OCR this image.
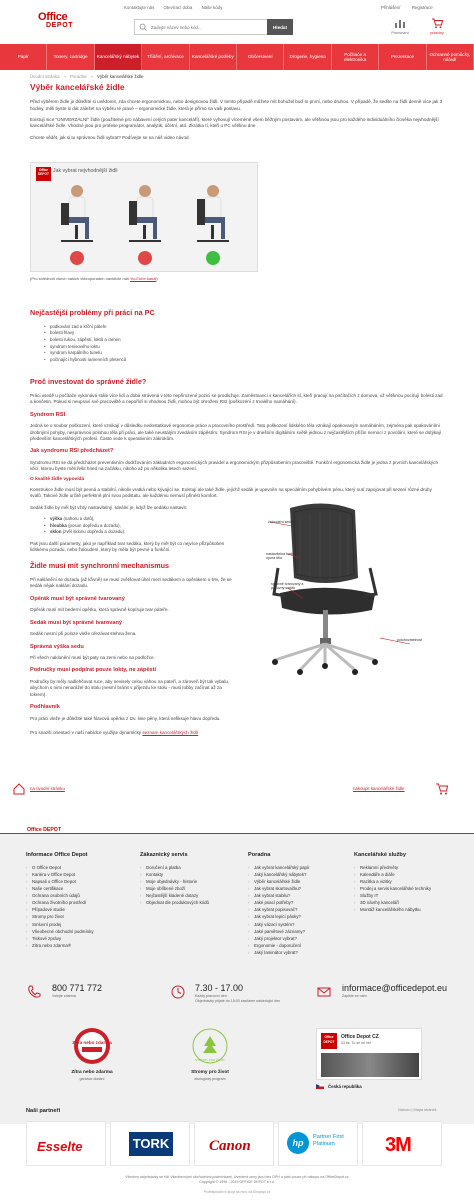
Office
DEPOT
Kontaktujte nás Otevírací doba Naše kódy
Zadejte název nebo kód...
Hledat
Přihlášení	Registrace
Porovnání	prázdný
Papír	Tonery, cartridge	Kancelářský nábytek	Třídění, archivace	Kancelářské potřeby	Občerstvení	Drogerie, hygiena
Počítače a elektronika
Prezentace
Ochranné pomůcky, nářadí
Úvodní stránka » Poradna » Výběr kancelářské židle
Výběr kancelářské židle

Před výběrem židle je důležité si uvědomit, zda chcete ergonomickou, nebo designovou židli. V tomto případě můžete mít bohužel buď to první, nebo druhou. V případě, že sedíte na židli denně více jak 3 hodiny, měli byste si dát záležet na výběru té pravé – ergonomické židle, která je přímo na vaši postavu.

Existují sice "UNIVERZÁLNÍ" židle (použitelné pro nábavení celých pater kanceláří), které vyhovují víceméně všem běžným postavám, ale většinou jsou pro každého individuálního člověka nejvhodnější kancelářské židle. Vhodné jsou pro profese programátor, analytik, účetní, atd. Zkrátka tí, kteří u PC většinu dne

Chcete vědět, jak si tu správnou židli vybrat? Podívejte se na náš video návod.

Office
DEPOT
Jak vybrat nejvhodnější židli
(Pro shlédnutí všech našich videoporaden navštivte náš YouTube kanál)
Nejčastější problémy při práci na PC
• podkování zad a krční páteře
• bolesti hlavy
• bolesti rukou, zápěstí, loktů a ramen
• syndrom tenisového loktu
• syndrom karpálního tunelu
• počínající hybnosti ramenních pletenců
Proč investovat do správné židle?

Práci vsedě u počítače vykonává stále více lidí a doba strávená v této nepřirozené pozici se prodlužuje. Zaměstnanci v kancelářích ití, kteří pracují na počítačích z domova, už většinou pociťují bolesti zad a končetin. Pokud si neupraví své pracoviště a nepořídí si vhodnou židli, mohou být ohroženi RSI (poškození z trvalého namáhání).

Syndrom RSI

Jedná se o soubor poškození, které vznikají v důsledku nedostatkové ergonomie práce a pracovního prostředí. Tato poškození lidského těla vznikají opakovaným namáháním, zejména pak opakováními drobnými pohyby, nesprávnou polohou těla při práci, ale také neustálým zvedáním zápěstím. Syndrom RSI je v dnešním digitálním světě jednou z nejčastějších příčin nemocí z povolání, které se dotýkají především kancelářských profesí. Často vede k operativním zákrokům.

Jak syndromu RSI předcházet?

Syndromu RSI se dá předcházet preventivním dodržováním základních ergonomických pravidel a ergonomickým přizpůsobením pracoviště. Funkční ergonomická židle je jedna z prvních kancelářských věcí, kterou byste měli řešit hned na začátku, nikoho až po několika letech sezení.

O kvalitě židle vypovídá

Konstrukce židle musí být pevná a stabilní, nikoliv vratká nebo kývající se. Existují ale také židle, jejichž sedák je upevněn na speciálním pohyblivém pénu, který nutí zapojovat při sezení různé druhy svalů. Takové židle určitě perfektně plní svou podstatu, ale každému nemusí přinést komfort.

Sedák židle by měl být vždy nastavitelný. Ideální je, když lze sedáku nastavit:

• výška (nahoru a dolů),
• hloubka (posun dopředu a dozadu),
• sklon (zvěl sklonu dopředu a dozadu).

Pak jsou další parametry, jako je například tvar sedáku, který by měl být co nejvíce přizpůsoben lidskému pozadu, nebo žaloudení, který by měla být pevné a funkční.

Židle musí mít synchronní mechanismus

Při naklánění se dozadu (až křivně) se musí zvětšovat úhel mezi sedákem a opěrákem o 5%, že se sedák nějak naklání dozadu.

Opěrák musí být správně tvarovaný

Opěrák musí mít bederní opěrku, která správně kopíruje tvar páteře.

Sedák musí být správně tvarovaný

Sedák nesmí při poloze vleže ořezávat stehna žena.

Správná výška sedu

Při všech naklonění musí být paty na zemi nebo na podložce.

Područky musí podpírat pouze lokty, ne zápěstí

Područky by měly nadlehčovat ruce, aby nevisely celou váhou na pateří, a zároveň být tak vybalu, abychom s nimi nenarážel do stolu (nesmí bránit v příjezdu ke stolu - musí lobby začínat až za lokrem).

Podhlavník

Pro práci vleže je důležité také hlavová opěrka z tzv. linie pěny, která nefiksuje hlavu dopředu.

Pro snazší orientaci v naší nabídce využijte dynamický seznam kancelářských židlí

žaloudení sedáku
nastavitelná bederní opora těla
správně tvarovaný a posuvný sedák
polohovatelnost
na úvodní stránku	nakoupit kancelářské židle
Office DEPOT
Informace Office Depot
› O Office Depot
› Kariéra v Office Depot
› Napsali o Office Depot
› Naše certifikace
› Ochrana osobních údajů
› Ochrana životního prostředí
› Případové studie
› Stromy pro život
› Smluvní prodej
› Všeobecné obchodní podmínky
› Tiskové zprávy
› Zítra nebo zdarma®
Zákaznický servis
› Doručení a platba
› Kontakty
› Moje objednávky - historie
› Moje oblíbené zboží
› Nejčastější kladené dotazy
› Objednat dle produktových kódů
Poradna
› Jak vybrat kancelářský papír
› Jaký kancelářský nábytek?
› Výběr kancelářské židle
› Jak vybrat skartovačku?
› Jak vybrat stabilu?
› Jaké psací potřeby?
› Jak vybrat popisovač?
› Jak vybrat lepící pásky?
› Jaký vázací systém?
› Jaké pamětové záznamy?
› Jaký projektor vybrat?
› Ergonomie - doporučení
› Jaký laminátor vybrat?
Kancelářské služby
› Reklamní předměty
› Kalendáře a diáře
› Razítka a vizitky
› Prodej a servis kancelářské techniky
› Služby IT
› 3D návrhy kanceláří
› Montáž kancelářského nábytku
800 771 772
Volejte zdarma
7.30 - 17.00
Každý pracovní den
Objednávky přijaté do 15:00 zasíláme následující den
informace@officedepot.eu
Zapište se nám
Zítra nebo zdarma
Zítra nebo zdarma
garance dodání
STROMY PRO ŽIVOT
Stromy pro život
ekologický program
Office
DEPOT
Office Depot CZ
33 tis. To se mi líbí
Česká republika
Naši partneři	Nahoru | Mapa stránek
Esselte	TORK	Canon	hp
Partner First Platinum	3M
Všechny objednávky se řídí Všeobecnými obchodními podmínkami. Uvedené ceny jsou bez DPH a platí pouze při nákupu na OfficeDepot.cz
Copyright © 1996 - 2019 OFFICE DEPOT s.r.o.
Profesionální e-shop na míru od Shopsys.cz
